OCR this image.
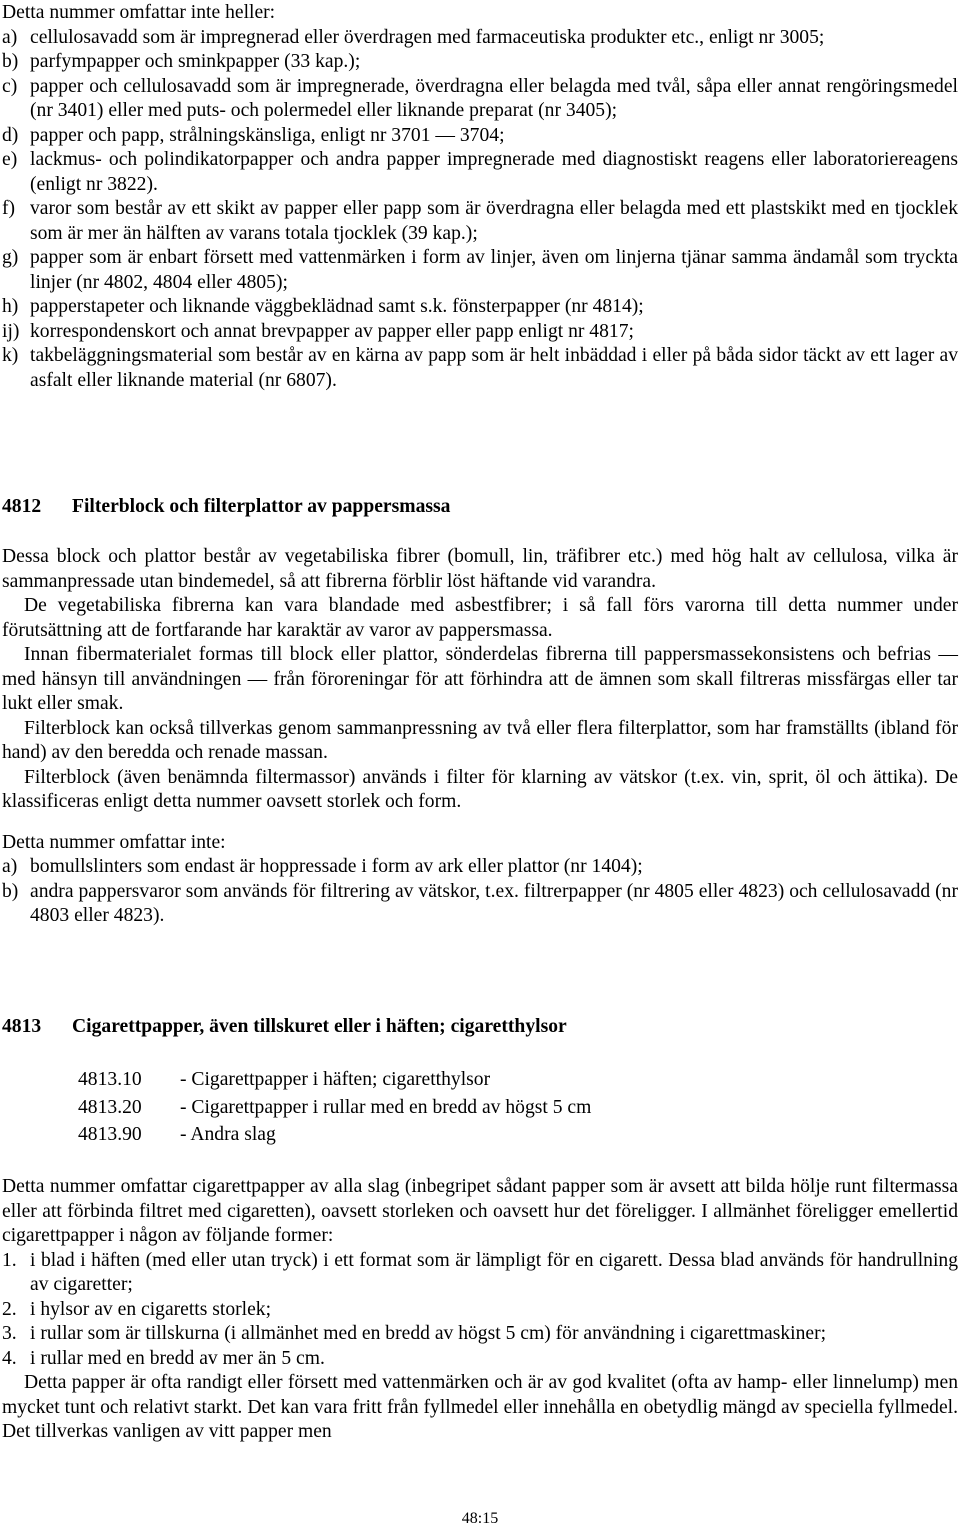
Detta nummer omfattar inte heller:
a) cellulosavadd som är impregnerad eller överdragen med farmaceutiska produkter etc., enligt nr 3005;
b) parfympapper och sminkpapper (33 kap.);
c) papper och cellulosavadd som är impregnerade, överdragna eller belagda med tvål, såpa eller annat rengöringsmedel (nr 3401) eller med puts- och polermedel eller liknande preparat (nr 3405);
d) papper och papp, strålningskänsliga, enligt nr 3701 — 3704;
e) lackmus- och polindikatorpapper och andra papper impregnerade med diagnostiskt reagens eller laboratoriereagens (enligt nr 3822).
f) varor som består av ett skikt av papper eller papp som är överdragna eller belagda med ett plastskikt med en tjocklek som är mer än hälften av varans totala tjocklek (39 kap.);
g) papper som är enbart försett med vattenmärken i form av linjer, även om linjerna tjänar samma ändamål som tryckta linjer (nr 4802, 4804 eller 4805);
h) papperstapeter och liknande väggbeklädnad samt s.k. fönsterpapper (nr 4814);
ij) korrespondenskort och annat brevpapper av papper eller papp enligt nr 4817;
k) takbeläggningsmaterial som består av en kärna av papp som är helt inbäddad i eller på båda sidor täckt av ett lager av asfalt eller liknande material (nr 6807).
4812 Filterblock och filterplattor av pappersmassa
Dessa block och plattor består av vegetabiliska fibrer (bomull, lin, träfibrer etc.) med hög halt av cellulosa, vilka är sammanpressade utan bindemedel, så att fibrerna förblir löst häftande vid varandra.
De vegetabiliska fibrerna kan vara blandade med asbestfibrer; i så fall förs varorna till detta nummer under förutsättning att de fortfarande har karaktär av varor av pappersmassa.
Innan fibermaterialet formas till block eller plattor, sönderdelas fibrerna till pappersmassekonsistens och befrias — med hänsyn till användningen — från föroreningar för att förhindra att de ämnen som skall filtreras missfärgas eller tar lukt eller smak.
Filterblock kan också tillverkas genom sammanpressning av två eller flera filterplattor, som har framställts (ibland för hand) av den beredda och renade massan.
Filterblock (även benämnda filtermassor) används i filter för klarning av vätskor (t.ex. vin, sprit, öl och ättika). De klassificeras enligt detta nummer oavsett storlek och form.
Detta nummer omfattar inte:
a) bomullslinters som endast är hoppressade i form av ark eller plattor (nr 1404);
b) andra pappersvaror som används för filtrering av vätskor, t.ex. filtrerpapper (nr 4805 eller 4823) och cellulosavadd (nr 4803 eller 4823).
4813 Cigarettpapper, även tillskuret eller i häften; cigaretthylsor
4813.10	- Cigarettpapper i häften; cigaretthylsor
4813.20	- Cigarettpapper i rullar med en bredd av högst 5 cm
4813.90	- Andra slag
Detta nummer omfattar cigarettpapper av alla slag (inbegripet sådant papper som är avsett att bilda hölje runt filtermassa eller att förbinda filtret med cigaretten), oavsett storleken och oavsett hur det föreligger. I allmänhet föreligger emellertid cigarettpapper i någon av följande former:
1. i blad i häften (med eller utan tryck) i ett format som är lämpligt för en cigarett. Dessa blad används för handrullning av cigaretter;
2. i hylsor av en cigaretts storlek;
3. i rullar som är tillskurna (i allmänhet med en bredd av högst 5 cm) för användning i cigarettmaskiner;
4. i rullar med en bredd av mer än 5 cm.
Detta papper är ofta randigt eller försett med vattenmärken och är av god kvalitet (ofta av hamp- eller linnelump) men mycket tunt och relativt starkt. Det kan vara fritt från fyllmedel eller innehålla en obetydlig mängd av speciella fyllmedel. Det tillverkas vanligen av vitt papper men
48:15
